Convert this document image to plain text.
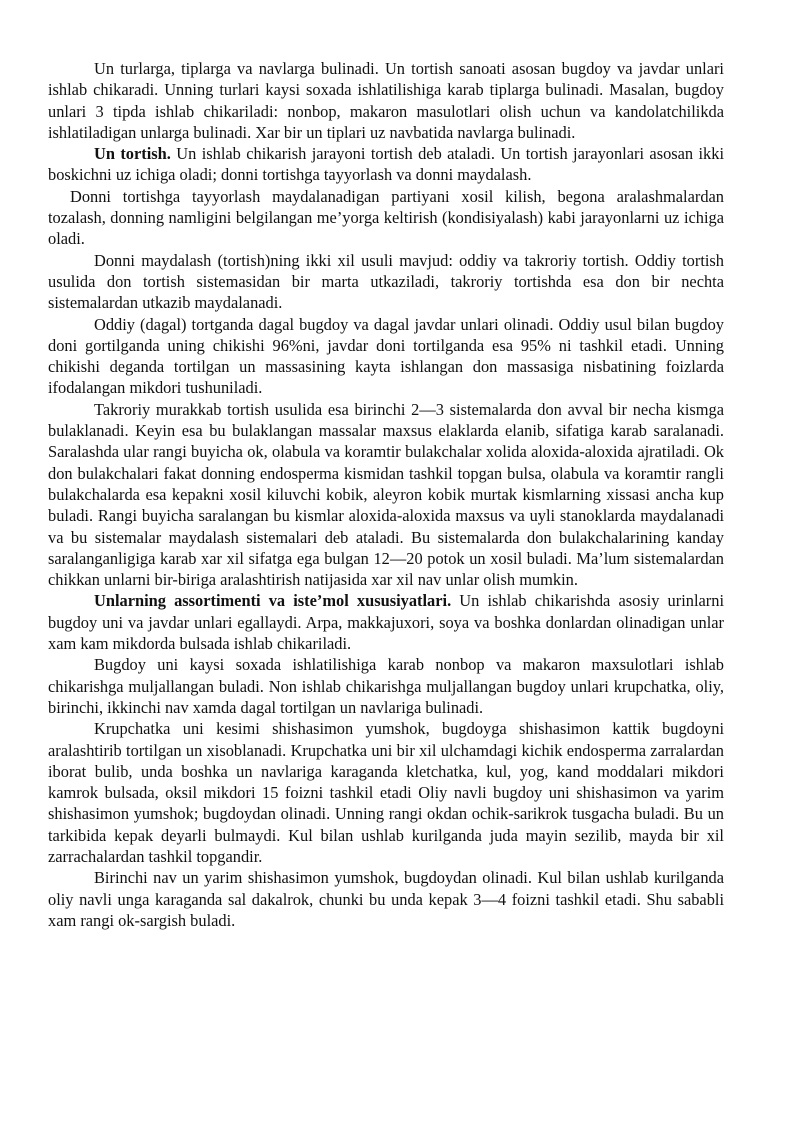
Un turlarga, tiplarga va navlarga bulinadi. Un tortish sanoati asosan bugdoy va javdar unlari ishlab chikaradi. Unning turlari kaysi soxada ishlatilishiga karab tiplarga bulinadi. Masalan, bugdoy unlari 3 tipda ishlab chikariladi: nonbop, makaron masulotlari olish uchun va kandolatchilikda ishlatiladigan unlarga bulinadi. Xar bir un tiplari uz navbatida navlarga bulinadi.

Un tortish. Un ishlab chikarish jarayoni tortish deb ataladi. Un tortish jarayonlari asosan ikki boskichni uz ichiga oladi; donni tortishga tayyorlash va donni maydalash.

Donni tortishga tayyorlash maydalanadigan partiyani xosil kilish, begona aralashmalardan tozalash, donning namligini belgilangan me’yorga keltirish (kondisiyalash) kabi jarayonlarni uz ichiga oladi.

Donni maydalash (tortish)ning ikki xil usuli mavjud: oddiy va takroriy tortish. Oddiy tortish usulida don tortish sistemasidan bir marta utkaziladi, takroriy tortishda esa don bir nechta sistemalardan utkazib maydalanadi.

Oddiy (dagal) tortganda dagal bugdoy va dagal javdar unlari olinadi. Oddiy usul bilan bugdoy doni gortilganda uning chikishi 96%ni, javdar doni tortilganda esa 95% ni tashkil etadi. Unning chikishi deganda tortilgan un massasining kayta ishlangan don massasiga nisbatining foizlarda ifodalangan mikdori tushuniladi.

Takroriy murakkab tortish usulida esa birinchi 2—3 sistemalarda don avval bir necha kismga bulaklanadi. Keyin esa bu bulaklangan massalar maxsus elaklarda elanib, sifatiga karab saralanadi. Saralashda ular rangi buyicha ok, olabula va koramtir bulakchalar xolida aloxida-aloxida ajratiladi. Ok don bulakchalari fakat donning endosperma kismidan tashkil topgan bulsa, olabula va koramtir rangli bulakchalarda esa kepakni xosil kiluvchi kobik, aleyron kobik murtak kismlarning xissasi ancha kup buladi. Rangi buyicha saralangan bu kismlar aloxida-aloxida maxsus va uyli stanoklarda maydalanadi va bu sistemalar maydalash sistemalari deb ataladi. Bu sistemalarda don bulakchalarining kanday saralanganligiga karab xar xil sifatga ega bulgan 12—20 potok un xosil buladi. Ma’lum sistemalardan chikkan unlarni bir-biriga aralashtirish natijasida xar xil nav unlar olish mumkin.

Unlarning assortimenti va iste’mol xususiyatlari. Un ishlab chikarishda asosiy urinlarni bugdoy uni va javdar unlari egallaydi. Arpa, makkajuxori, soya va boshka donlardan olinadigan unlar xam kam mikdorda bulsada ishlab chikariladi.

Bugdoy uni kaysi soxada ishlatilishiga karab nonbop va makaron maxsulotlari ishlab chikarishga muljallangan buladi. Non ishlab chikarishga muljallangan bugdoy unlari krupchatka, oliy, birinchi, ikkinchi nav xamda dagal tortilgan un navlariga bulinadi.

Krupchatka uni kesimi shishasimon yumshok, bugdoyga shishasimon kattik bugdoyni aralashtirib tortilgan un xisoblanadi. Krupchatka uni bir xil ulchamdagi kichik endosperma zarralardan iborat bulib, unda boshka un navlariga karaganda kletchatka, kul, yog, kand moddalari mikdori kamrok bulsada, oksil mikdori 15 foizni tashkil etadi Oliy navli bugdoy uni shishasimon va yarim shishasimon yumshok; bugdoydan olinadi. Unning rangi okdan ochik-sarikrok tusgacha buladi. Bu un tarkibida kepak deyarli bulmaydi. Kul bilan ushlab kurilganda juda mayin sezilib, mayda bir xil zarrachalardan tashkil topgandir.

Birinchi nav un yarim shishasimon yumshok, bugdoydan olinadi. Kul bilan ushlab kurilganda oliy navli unga karaganda sal dakalrok, chunki bu unda kepak 3—4 foizni tashkil etadi. Shu sababli xam rangi ok-sargish buladi.
